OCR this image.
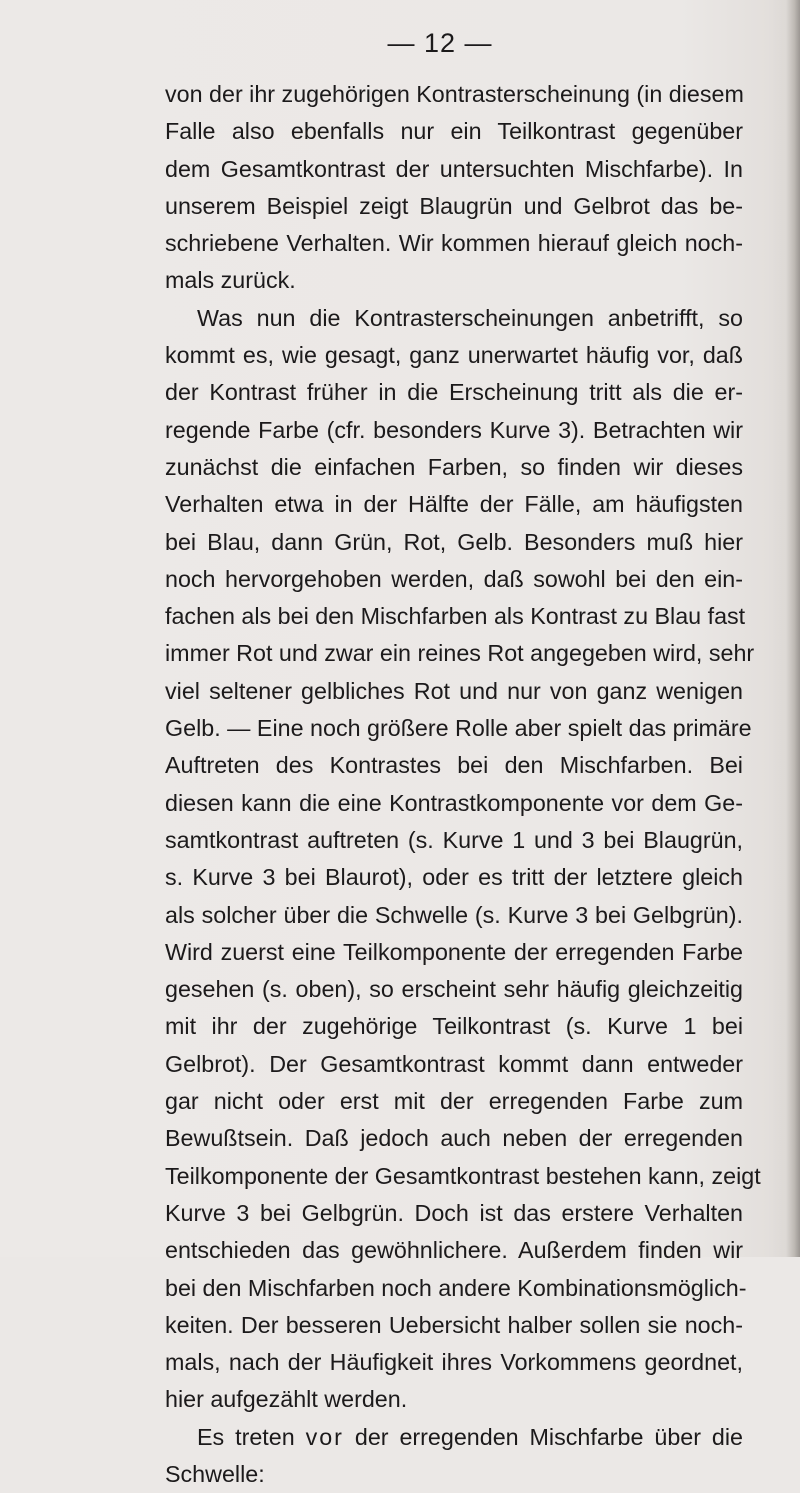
— 12 —
von der ihr zugehörigen Kontrasterscheinung (in diesem
Falle also ebenfalls nur ein Teilkontrast gegenüber
dem Gesamtkontrast der untersuchten Mischfarbe). In
unserem Beispiel zeigt Blaugrün und Gelbrot das be-
schriebene Verhalten. Wir kommen hierauf gleich noch-
mals zurück.
Was nun die Kontrasterscheinungen anbetrifft, so
kommt es, wie gesagt, ganz unerwartet häufig vor, daß
der Kontrast früher in die Erscheinung tritt als die er-
regende Farbe (cfr. besonders Kurve 3). Betrachten wir
zunächst die einfachen Farben, so finden wir dieses
Verhalten etwa in der Hälfte der Fälle, am häufigsten
bei Blau, dann Grün, Rot, Gelb. Besonders muß hier
noch hervorgehoben werden, daß sowohl bei den ein-
fachen als bei den Mischfarben als Kontrast zu Blau fast
immer Rot und zwar ein reines Rot angegeben wird, sehr
viel seltener gelbliches Rot und nur von ganz wenigen
Gelb. — Eine noch größere Rolle aber spielt das primäre
Auftreten des Kontrastes bei den Mischfarben. Bei
diesen kann die eine Kontrastkomponente vor dem Ge-
samtkontrast auftreten (s. Kurve 1 und 3 bei Blaugrün,
s. Kurve 3 bei Blaurot), oder es tritt der letztere gleich
als solcher über die Schwelle (s. Kurve 3 bei Gelbgrün).
Wird zuerst eine Teilkomponente der erregenden Farbe
gesehen (s. oben), so erscheint sehr häufig gleichzeitig
mit ihr der zugehörige Teilkontrast (s. Kurve 1 bei
Gelbrot). Der Gesamtkontrast kommt dann entweder
gar nicht oder erst mit der erregenden Farbe zum
Bewußtsein. Daß jedoch auch neben der erregenden
Teilkomponente der Gesamtkontrast bestehen kann, zeigt
Kurve 3 bei Gelbgrün. Doch ist das erstere Verhalten
entschieden das gewöhnlichere. Außerdem finden wir
bei den Mischfarben noch andere Kombinationsmöglich-
keiten. Der besseren Uebersicht halber sollen sie noch-
mals, nach der Häufigkeit ihres Vorkommens geordnet,
hier aufgezählt werden.
Es treten vor der erregenden Mischfarbe über die
Schwelle:
